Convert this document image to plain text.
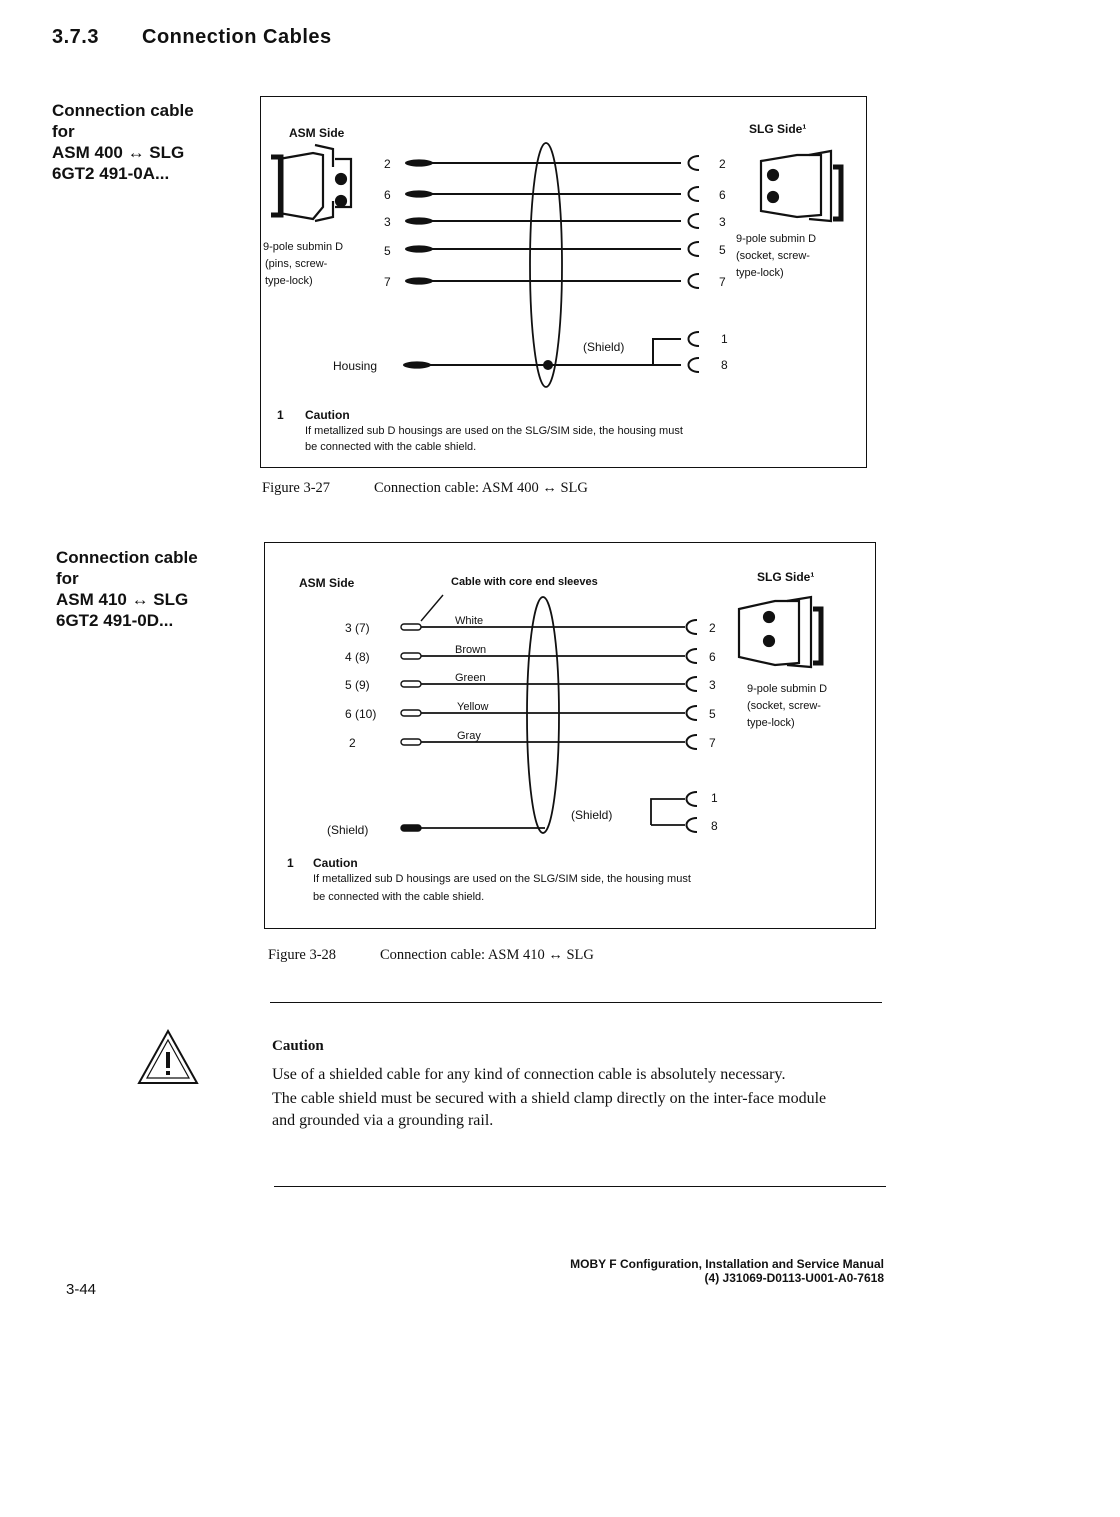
3.7.3 Connection Cables
Connection cable
for
ASM 400 ↔ SLG
6GT2 491-0A...
ASM Side	SLG Side¹
2
6
3
5
7
2
6
3
5
7
1
8
9-pole submin D
(pins, screw-
type-lock)
9-pole submin D
(socket, screw-
type-lock)
(Shield)
Housing
1 Caution
If metallized sub D housings are used on the SLG/SIM side, the housing must
be connected with the cable shield.
Figure 3-27	Connection cable: ASM 400 ↔ SLG
Connection cable
for
ASM 410 ↔ SLG
6GT2 491-0D...
ASM Side	Cable with core end sleeves	SLG Side¹
3 (7)
4 (8)
5 (9)
6 (10)
2
White
Brown
Green
Yellow
Gray
2
6
3
5
7
1
8
9-pole submin D
(socket, screw-
type-lock)
(Shield)
(Shield)
1 Caution
If metallized sub D housings are used on the SLG/SIM side, the housing must
be connected with the cable shield.
Figure 3-28	Connection cable: ASM 410 ↔ SLG
Caution

Use of a shielded cable for any kind of connection cable is absolutely necessary.

The cable shield must be secured with a shield clamp directly on the inter-face module and grounded via a grounding rail.

MOBY F Configuration, Installation and Service Manual
(4) J31069-D0113-U001-A0-7618
3-44
